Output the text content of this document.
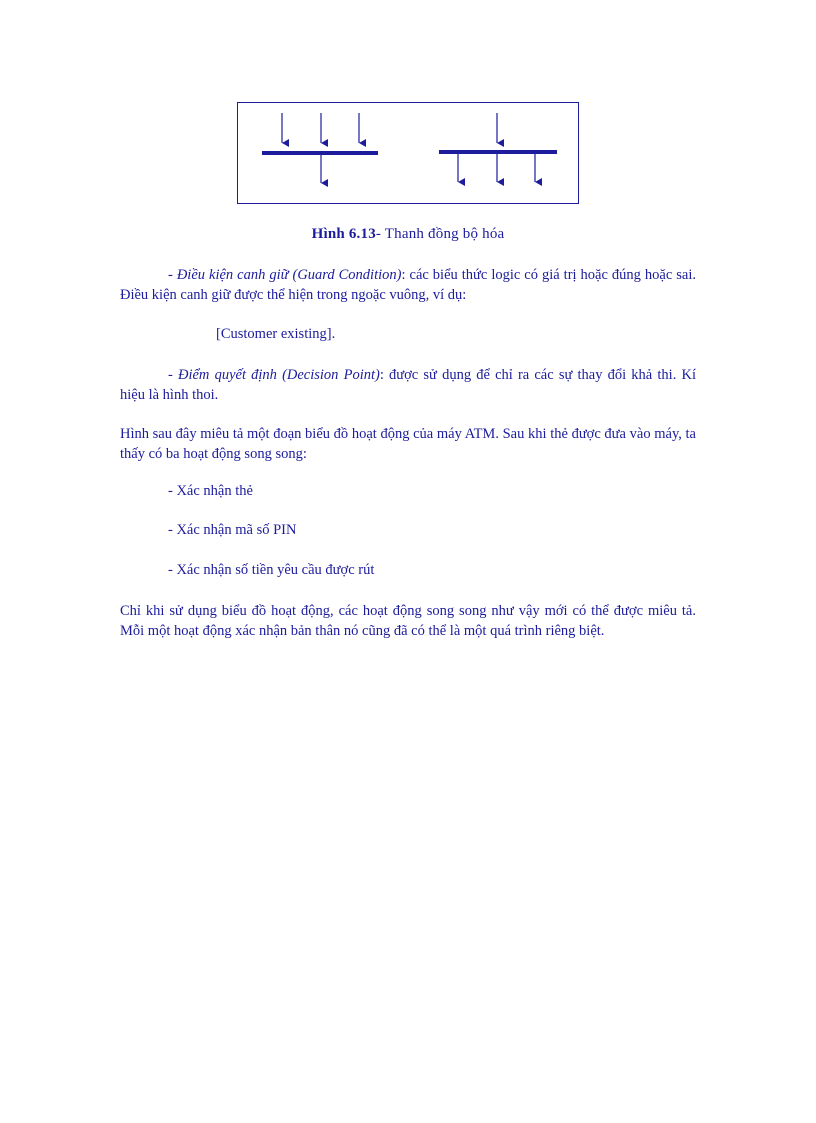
Hình 6.13- Thanh đồng bộ hóa

- Điều kiện canh giữ (Guard Condition): các biểu thức logic có giá trị hoặc đúng hoặc sai. Điều kiện canh giữ được thể hiện trong ngoặc vuông, ví dụ:

[Customer existing].

- Điểm quyết định (Decision Point): được sử dụng để chỉ ra các sự thay đổi khả thi. Kí hiệu là hình thoi.

Hình sau đây miêu tả một đoạn biểu đồ hoạt động của máy ATM. Sau khi thẻ được đưa vào máy, ta thấy có ba hoạt động song song:

- Xác nhận thẻ
- Xác nhận mã số PIN
- Xác nhận số tiền yêu cầu được rút

Chỉ khi sử dụng biểu đồ hoạt động, các hoạt động song song như vậy mới có thể được miêu tả. Mỗi một hoạt động xác nhận bản thân nó cũng đã có thể là một quá trình riêng biệt.
